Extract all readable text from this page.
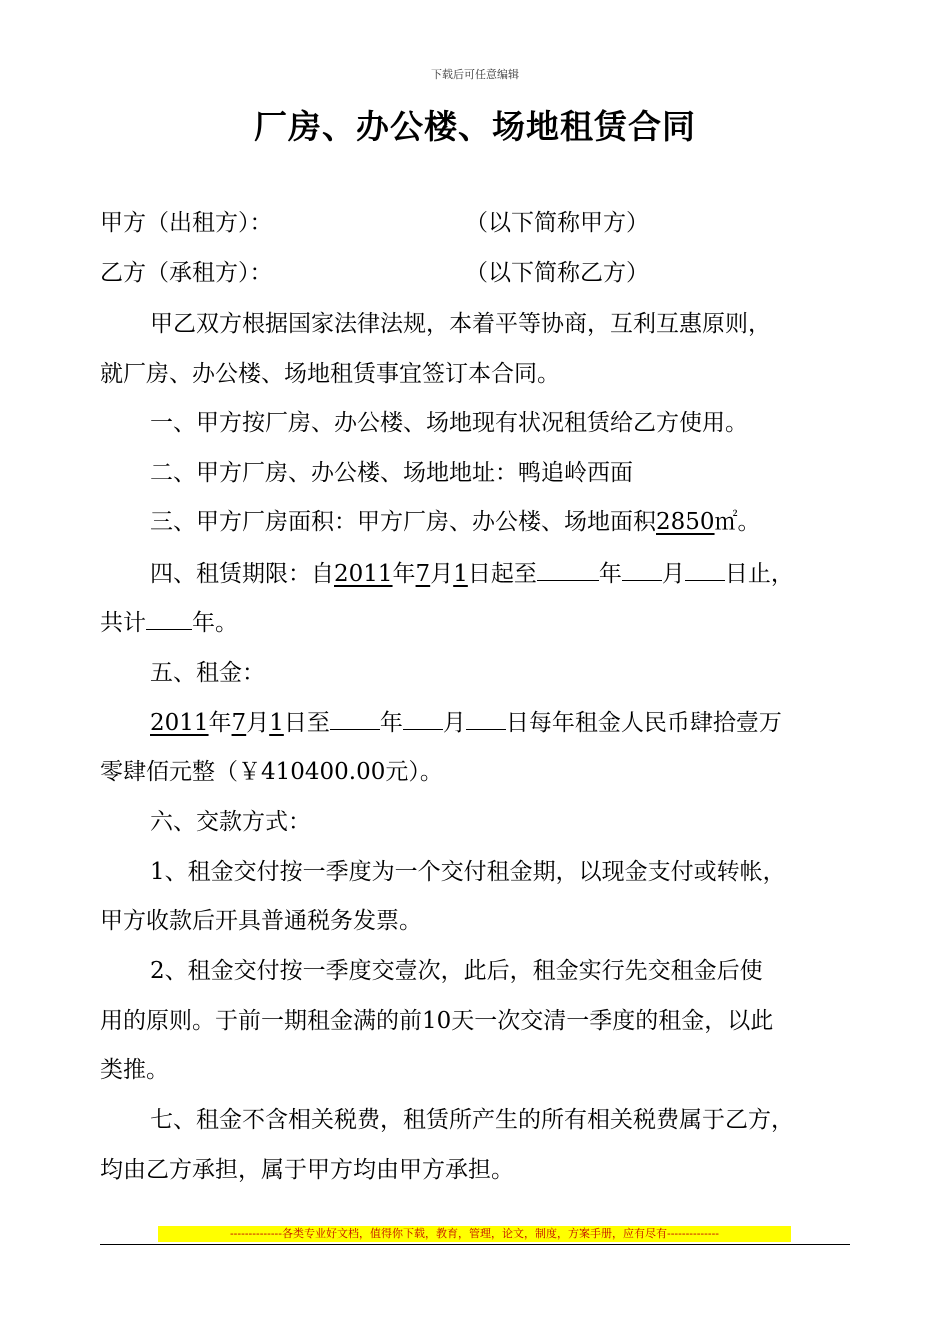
下载后可任意编辑
厂房、办公楼、场地租赁合同
甲方（出租方）：	（以下简称甲方）
乙方（承租方）：	（以下简称乙方）
甲乙双方根据国家法律法规，本着平等协商，互利互惠原则，
就厂房、办公楼、场地租赁事宜签订本合同。
一、甲方按厂房、办公楼、场地现有状况租赁给乙方使用。
二、甲方厂房、办公楼、场地地址：鸭追岭西面
三、甲方厂房面积：甲方厂房、办公楼、场地面积2850㎡。
四、租赁期限：自2011年7月1日起至	年 月 日止，
共计 年。
五、租金：
2011年7月1日至 年 月 日每年租金人民币肆拾壹万
零肆佰元整（￥410400.00元）。
六、交款方式：
1、租金交付按一季度为一个交付租金期，以现金支付或转帐，
甲方收款后开具普通税务发票。
2、租金交付按一季度交壹次，此后，租金实行先交租金后使
用的原则。于前一期租金满的前10天一次交清一季度的租金，以此
类推。
七、租金不含相关税费，租赁所产生的所有相关税费属于乙方，
均由乙方承担，属于甲方均由甲方承担。
--------------各类专业好文档，值得你下载，教育，管理，论文，制度，方案手册，应有尽有--------------
